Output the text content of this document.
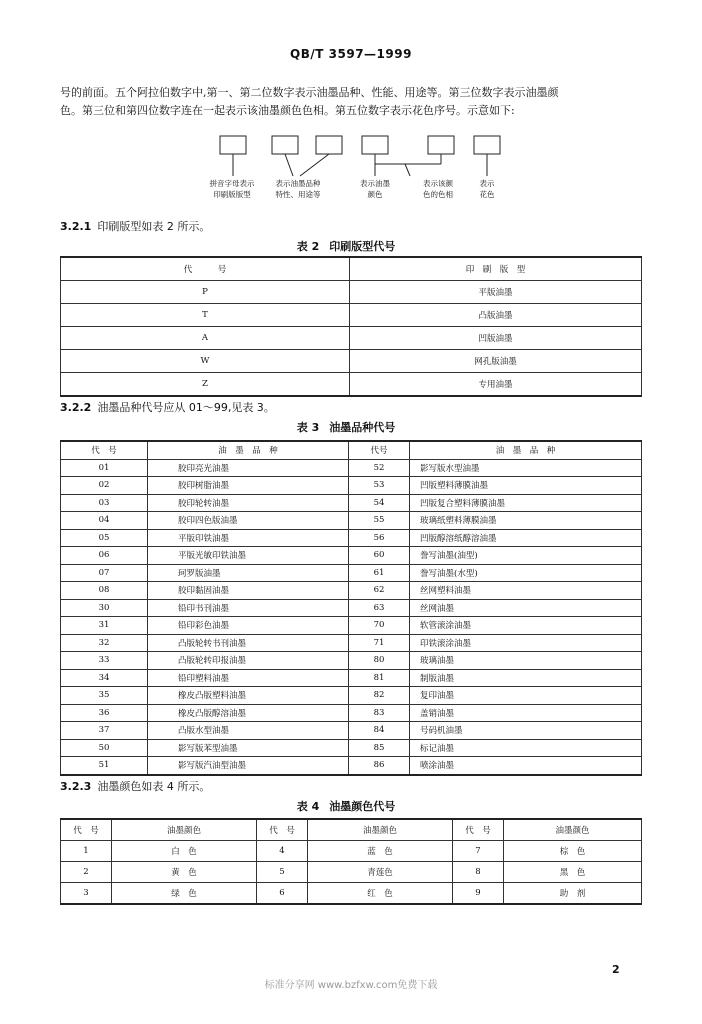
QB/T 3597—1999
号的前面。五个阿拉伯数字中,第一、第二位数字表示油墨品种、性能、用途等。第三位数字表示油墨颜
色。第三位和第四位数字连在一起表示该油墨颜色色相。第五位数字表示花色序号。示意如下:
拼音字母表示
印刷版版型
表示油墨品种
特性、用途等
表示油墨
颜色
表示该颜
色的色相
表示
花色
3.2.1 印刷版型如表 2 所示。
表 2 印刷版型代号
代　　　号	印　刷　版　型
P	平版油墨
T	凸版油墨
A	凹版油墨
W	网孔版油墨
Z	专用油墨
3.2.2 油墨品种代号应从 01～99,见表 3。
表 3 油墨品种代号
代　号	油　墨　品　种	代号	油　墨　品　种
01	胶印亮光油墨	52	影写版水型油墨
02	胶印树脂油墨	53	凹版塑料薄膜油墨
03	胶印轮转油墨	54	凹版复合塑料薄膜油墨
04	胶印四色版油墨	55	玻璃纸塑料薄膜油墨
05	平版印铁油墨	56	凹版醇溶纸醇溶油墨
06	平版光敏印铁油墨	60	誊写油墨(油型)
07	珂罗版油墨	61	誊写油墨(水型)
08	胶印黏固油墨	62	丝网塑料油墨
30	铅印书刊油墨	63	丝网油墨
31	铅印彩色油墨	70	软管滚涂油墨
32	凸版轮转书刊油墨	71	印铁滚涂油墨
33	凸版轮转印报油墨	80	玻璃油墨
34	铅印塑料油墨	81	制版油墨
35	橡皮凸版塑料油墨	82	复印油墨
36	橡皮凸版醇溶油墨	83	盖销油墨
37	凸版水型油墨	84	号码机油墨
50	影写版苯型油墨	85	标记油墨
51	影写版汽油型油墨	86	喷涂油墨
3.2.3 油墨颜色如表 4 所示。
表 4 油墨颜色代号
代　号	油墨颜色	代　号	油墨颜色	代　号	油墨颜色
1	白　色	4	蓝　色	7	棕　色
2	黄　色	5	青莲色	8	黑　色
3	绿　色	6	红　色	9	助　剂
2
标准分享网 www.bzfxw.com免费下载
